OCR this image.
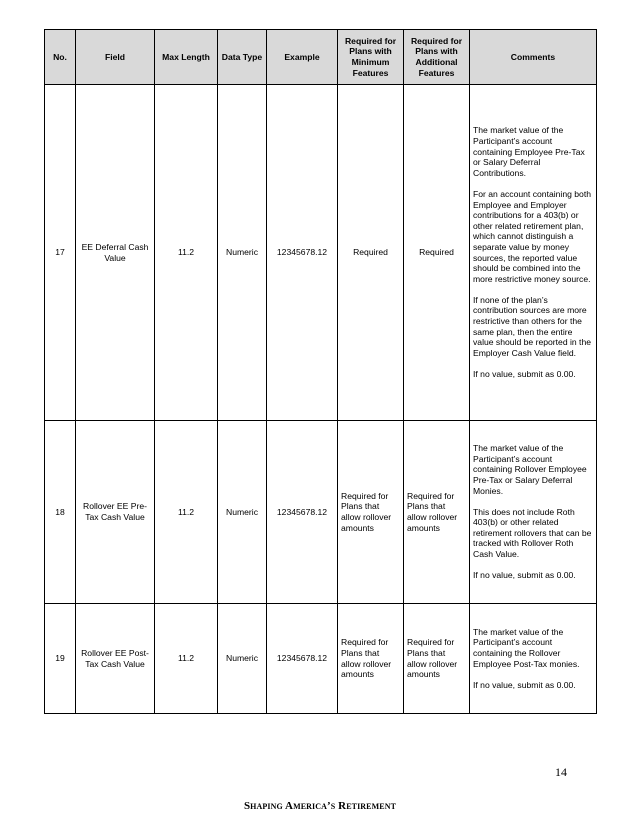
No.	Field	Max Length	Data Type	Example	Required for Plans with Minimum Features	Required for Plans with Additional Features	Comments
17	EE Deferral Cash Value	11.2	Numeric	12345678.12	Required	Required	The market value of the Participant’s account containing Employee Pre-Tax or Salary Deferral Contributions.

For an account containing both Employee and Employer contributions for a 403(b) or other related retirement plan, which cannot distinguish a separate value by money sources, the reported value should be combined into the more restrictive money source.

If none of the plan’s contribution sources are more restrictive than others for the same plan, then the entire value should be reported in the Employer Cash Value field.

If no value, submit as 0.00.

18	Rollover EE Pre-Tax Cash Value	11.2	Numeric	12345678.12	Required for Plans that allow rollover amounts	Required for Plans that allow rollover amounts	The market value of the Participant’s account containing Rollover Employee Pre-Tax or Salary Deferral Monies.

This does not include Roth 403(b) or other related retirement rollovers that can be tracked with Rollover Roth Cash Value.

If no value, submit as 0.00.

19	Rollover EE Post-Tax Cash Value	11.2	Numeric	12345678.12	Required for Plans that allow rollover amounts	Required for Plans that allow rollover amounts	The market value of the Participant’s account containing the Rollover Employee Post-Tax monies.

If no value, submit as 0.00.

14
Shaping America’s Retirement
